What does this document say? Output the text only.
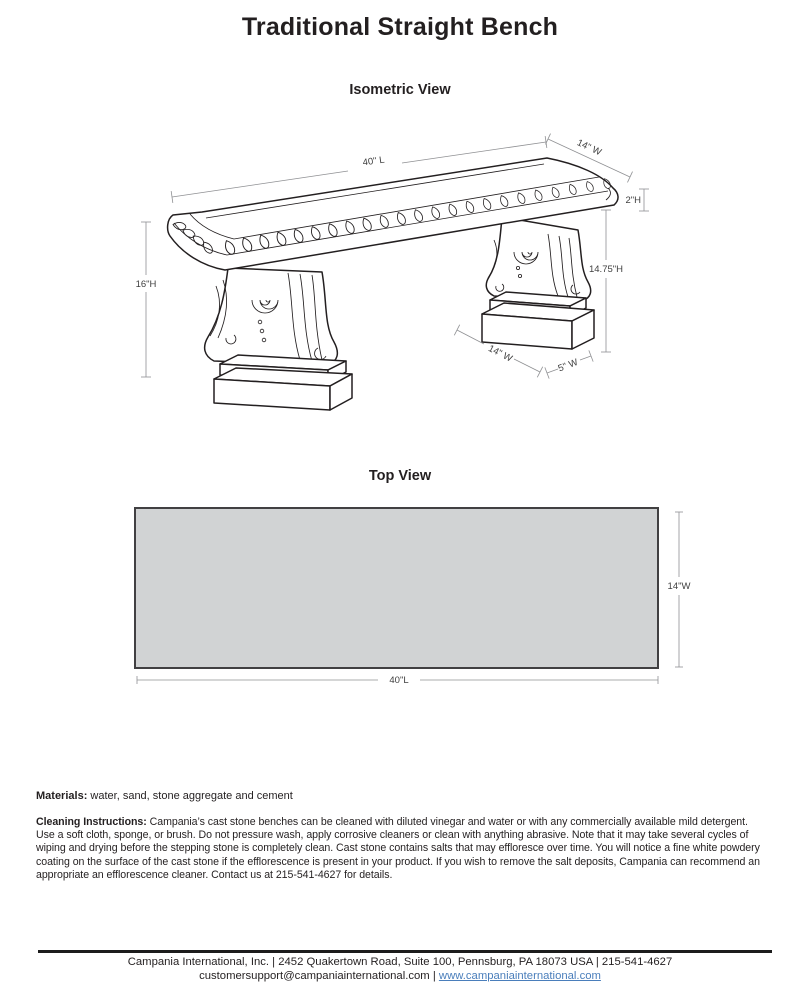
Traditional Straight Bench
Isometric View
40" L
14" W
2"H
14.75"H
16"H
14" W
5" W
Top View
14"W
40"L
Materials: water, sand, stone aggregate and cement
Cleaning Instructions: Campania’s cast stone benches can be cleaned with diluted vinegar and water or with any commercially available mild detergent.
Use a soft cloth, sponge, or brush. Do not pressure wash, apply corrosive cleaners or clean with anything abrasive. Note that it may take several cycles of
wiping and drying before the stepping stone is completely clean. Cast stone contains salts that may effloresce over time. You will notice a fine white powdery
coating on the surface of the cast stone if the efflorescence is present in your product. If you wish to remove the salt deposits, Campania can recommend an
appropriate an efflorescence cleaner. Contact us at 215-541-4627 for details.
Campania International, Inc. | 2452 Quakertown Road, Suite 100, Pennsburg, PA 18073 USA | 215-541-4627
customersupport@campaniainternational.com | www.campaniainternational.com
